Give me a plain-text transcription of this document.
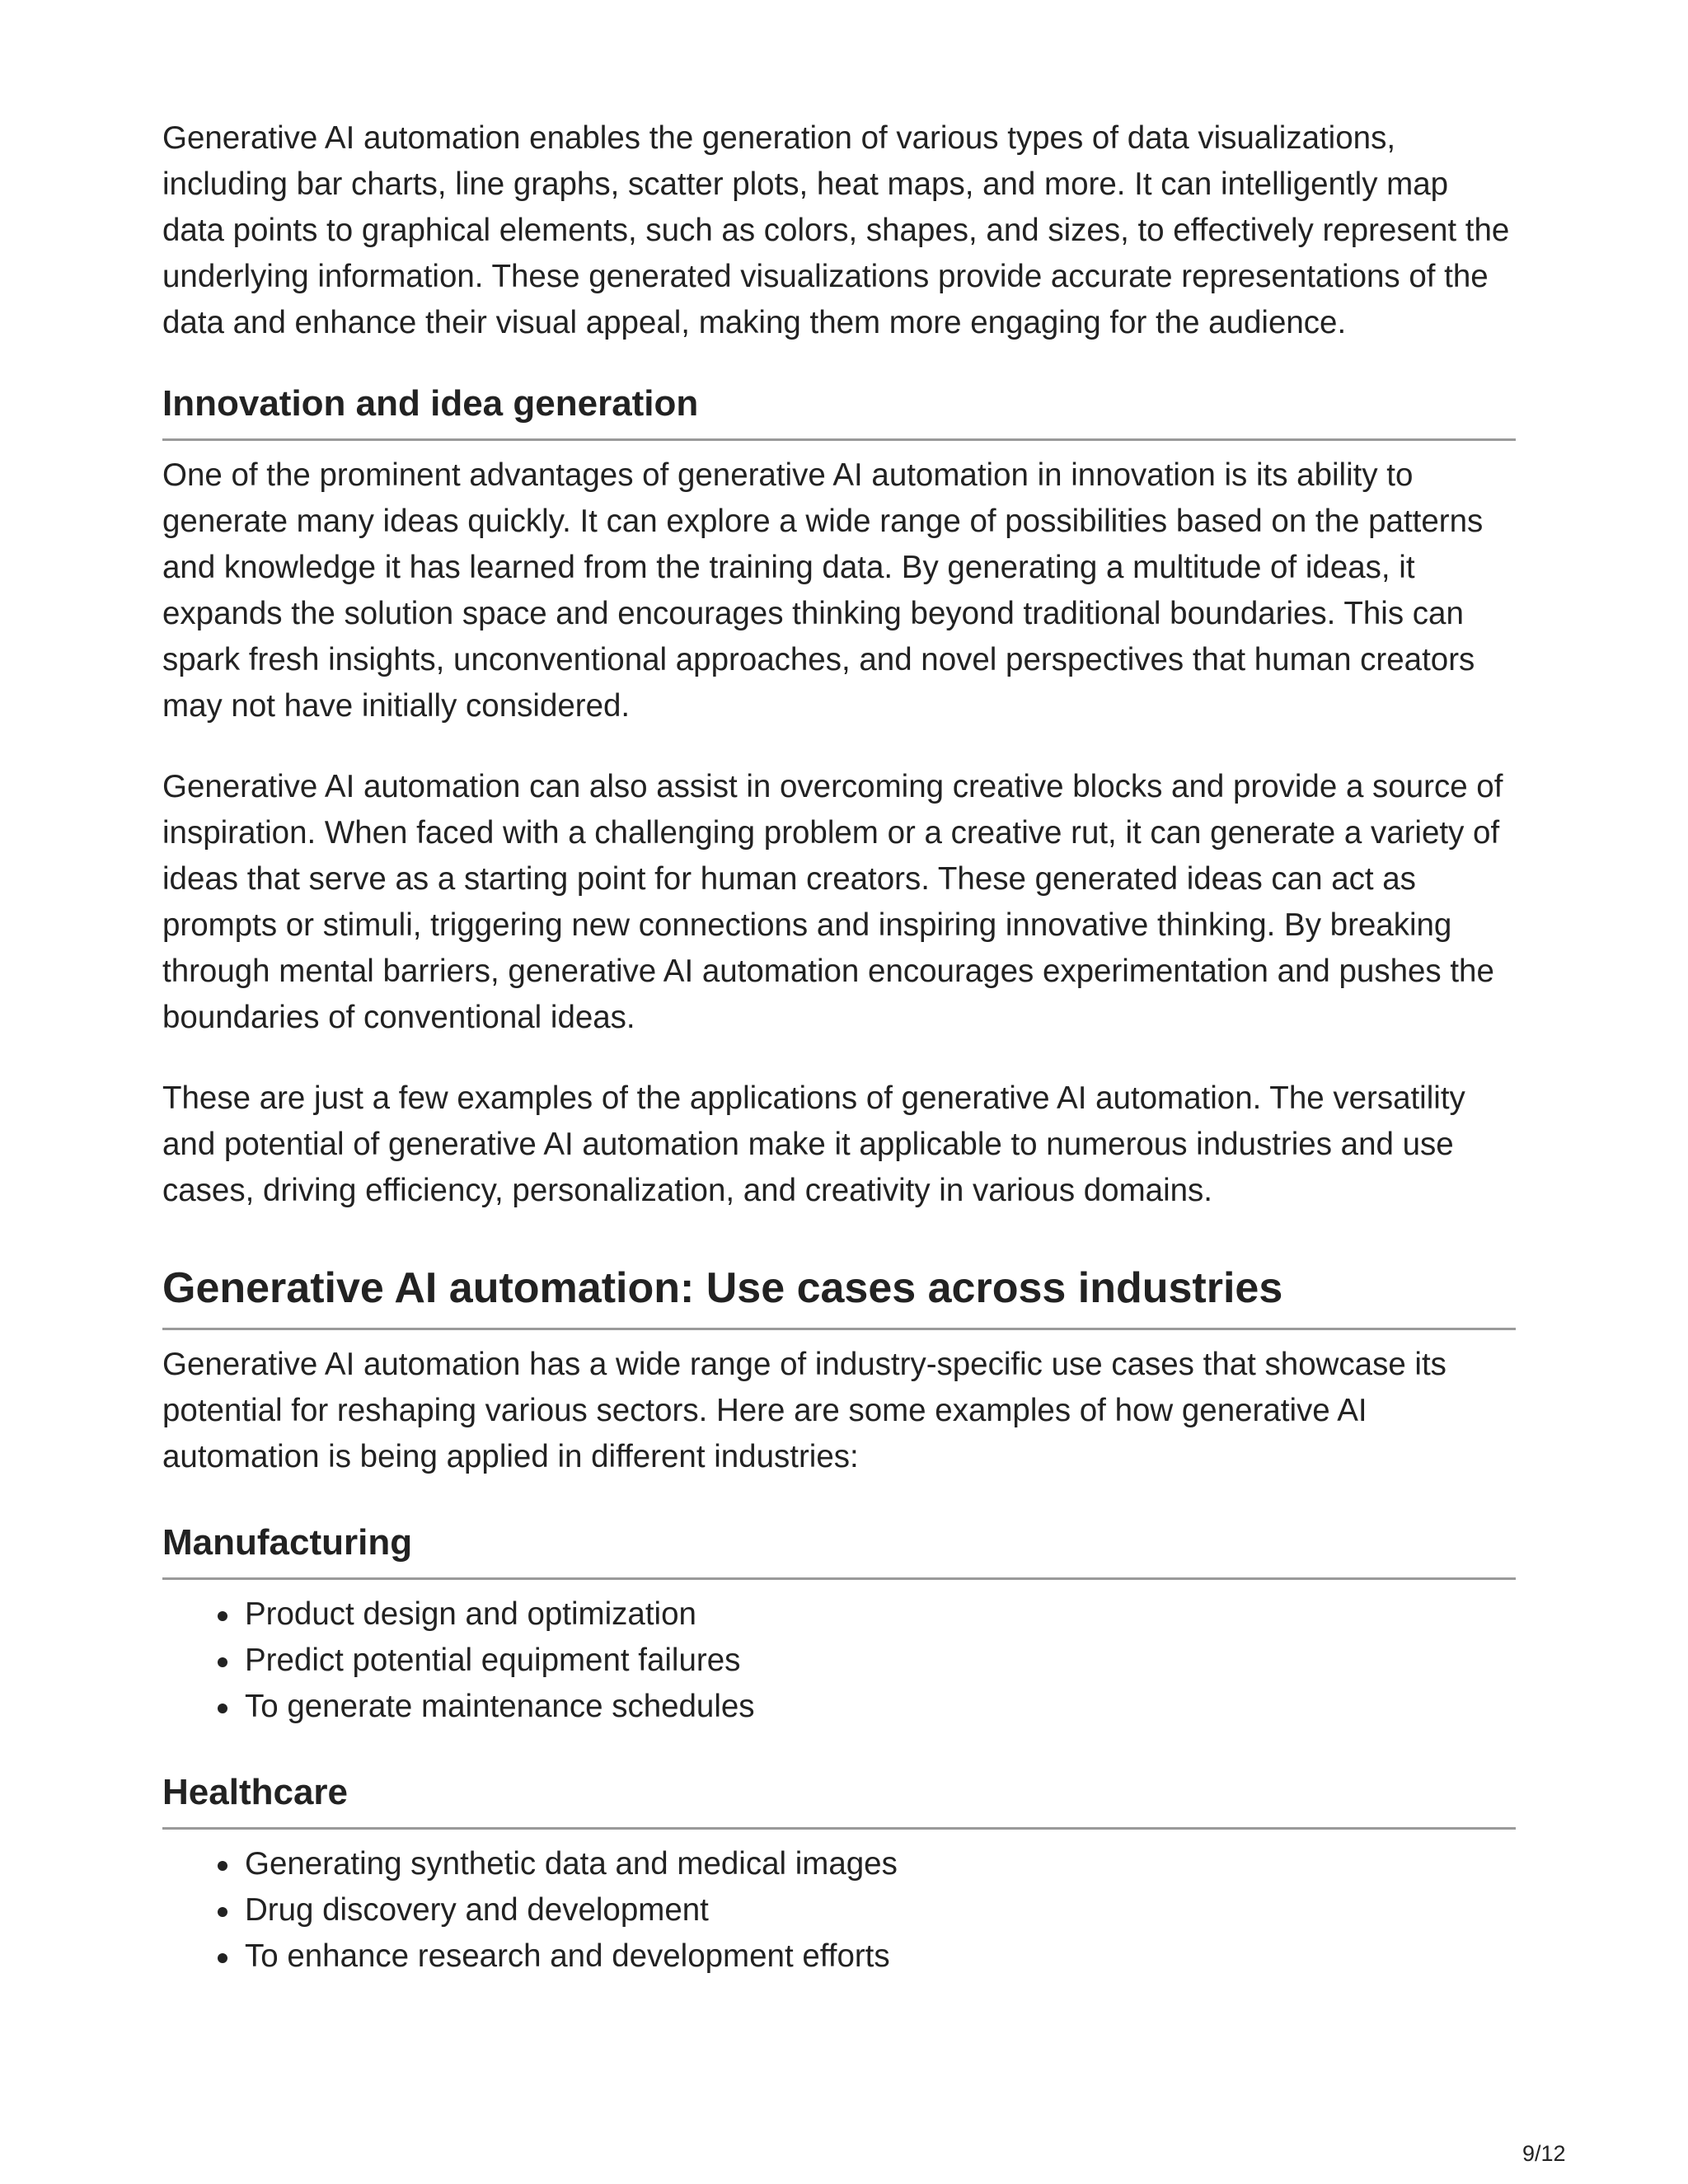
Generative AI automation enables the generation of various types of data visualizations, including bar charts, line graphs, scatter plots, heat maps, and more. It can intelligently map data points to graphical elements, such as colors, shapes, and sizes, to effectively represent the underlying information. These generated visualizations provide accurate representations of the data and enhance their visual appeal, making them more engaging for the audience.

Innovation and idea generation

One of the prominent advantages of generative AI automation in innovation is its ability to generate many ideas quickly. It can explore a wide range of possibilities based on the patterns and knowledge it has learned from the training data. By generating a multitude of ideas, it expands the solution space and encourages thinking beyond traditional boundaries. This can spark fresh insights, unconventional approaches, and novel perspectives that human creators may not have initially considered.

Generative AI automation can also assist in overcoming creative blocks and provide a source of inspiration. When faced with a challenging problem or a creative rut, it can generate a variety of ideas that serve as a starting point for human creators. These generated ideas can act as prompts or stimuli, triggering new connections and inspiring innovative thinking. By breaking through mental barriers, generative AI automation encourages experimentation and pushes the boundaries of conventional ideas.

These are just a few examples of the applications of generative AI automation. The versatility and potential of generative AI automation make it applicable to numerous industries and use cases, driving efficiency, personalization, and creativity in various domains.

Generative AI automation: Use cases across industries

Generative AI automation has a wide range of industry-specific use cases that showcase its potential for reshaping various sectors. Here are some examples of how generative AI automation is being applied in different industries:

Manufacturing
Product design and optimization
Predict potential equipment failures
To generate maintenance schedules
Healthcare
Generating synthetic data and medical images
Drug discovery and development
To enhance research and development efforts
9/12
